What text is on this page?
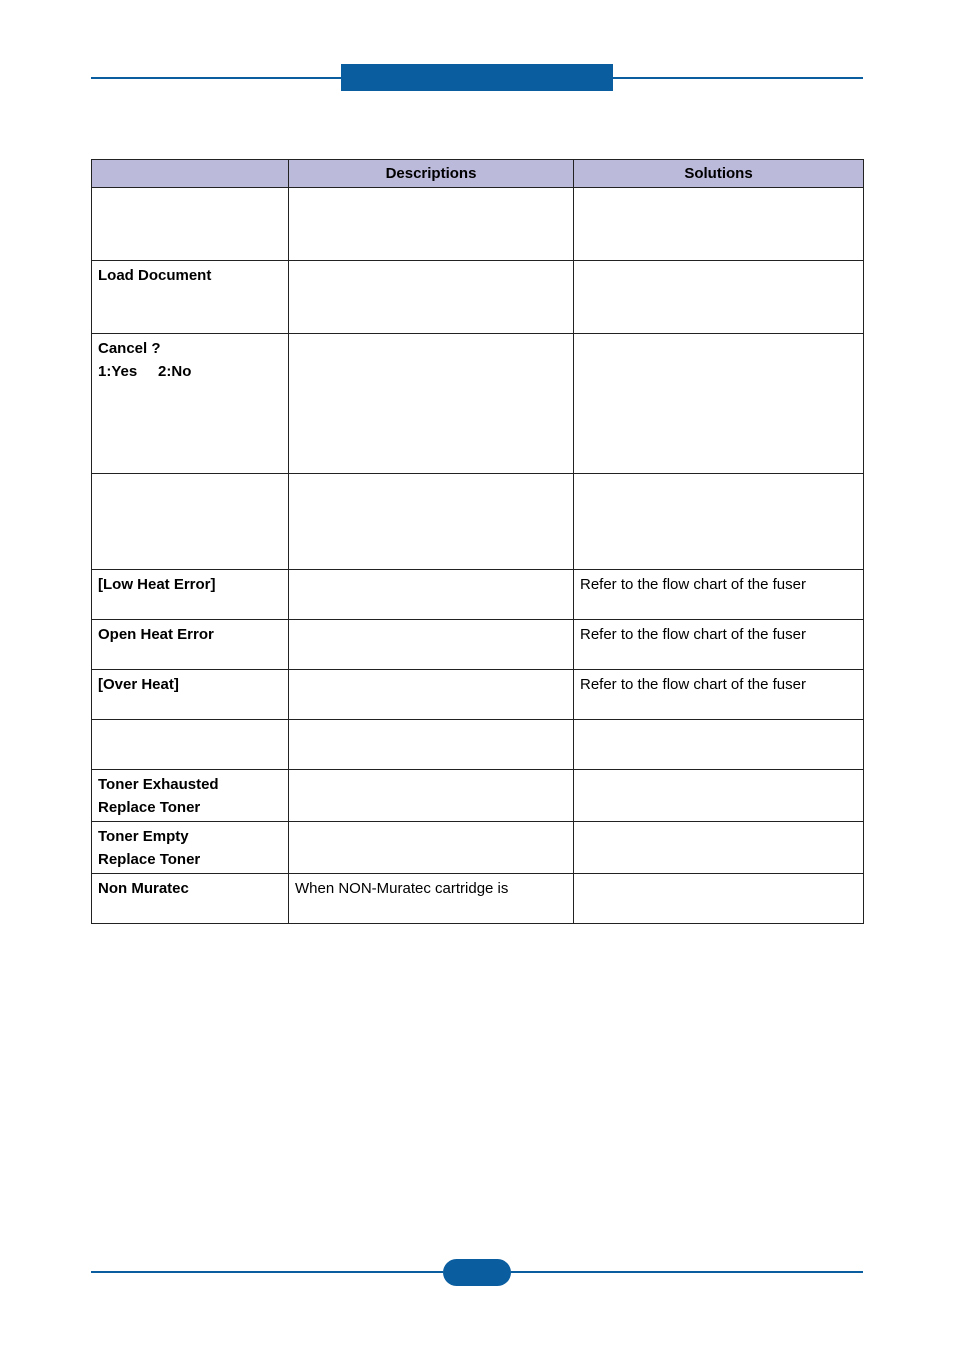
	Descriptions	Solutions

Load Document		

Cancel ?
1:Yes     2:No		

[Low Heat Error]		Refer to the flow chart of the fuser

Open Heat Error		Refer to the flow chart of the fuser

[Over Heat]		Refer to the flow chart of the fuser

Toner Exhausted
Replace Toner		

Toner Empty
Replace Toner		

Non Muratec	When NON-Muratec cartridge is	
